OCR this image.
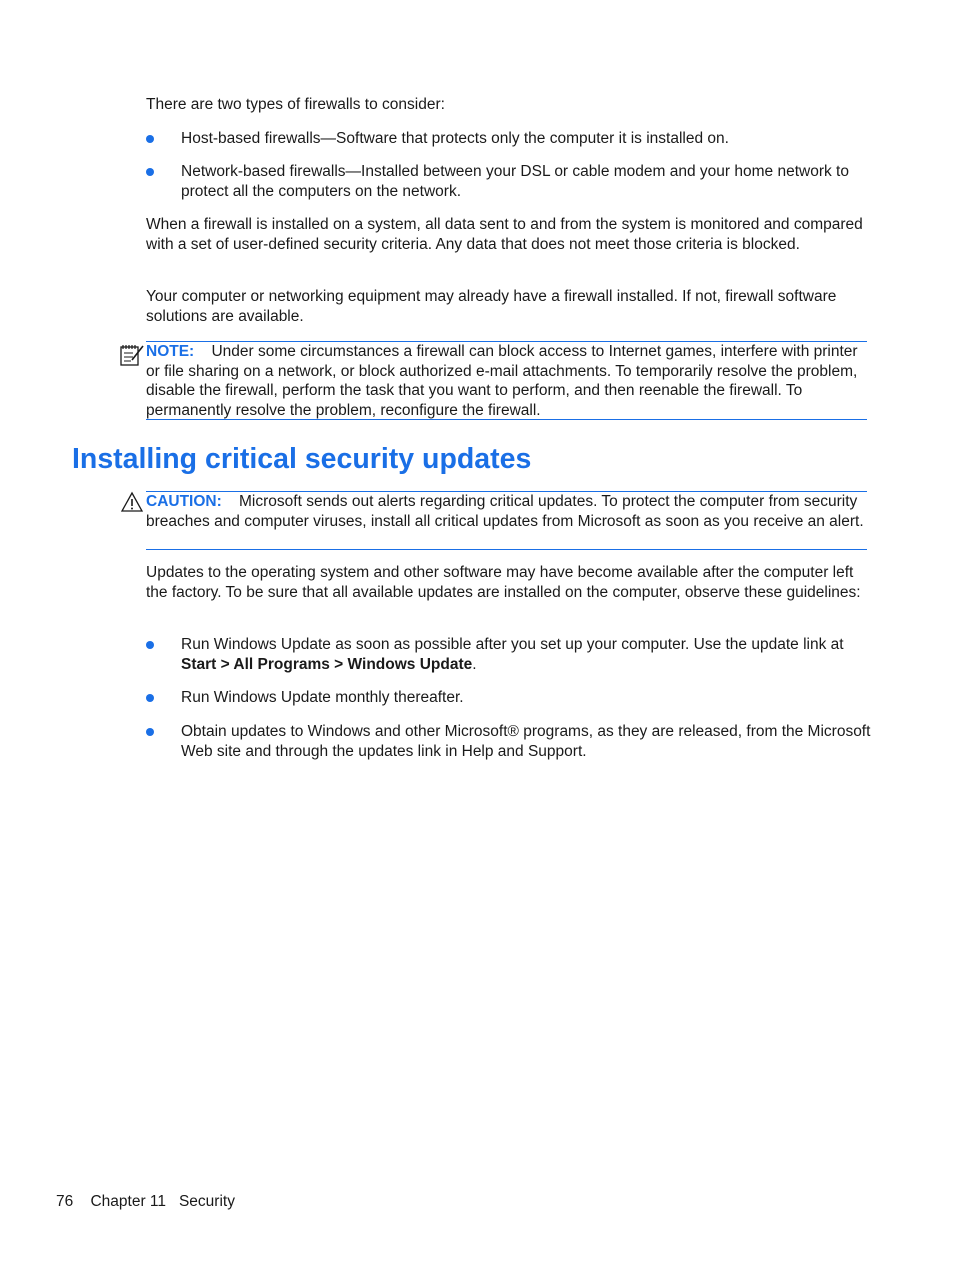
There are two types of firewalls to consider:

Host-based firewalls—Software that protects only the computer it is installed on.
Network-based firewalls—Installed between your DSL or cable modem and your home network to protect all the computers on the network.

When a firewall is installed on a system, all data sent to and from the system is monitored and compared with a set of user-defined security criteria. Any data that does not meet those criteria is blocked.

Your computer or networking equipment may already have a firewall installed. If not, firewall software solutions are available.

NOTE: Under some circumstances a firewall can block access to Internet games, interfere with printer or file sharing on a network, or block authorized e-mail attachments. To temporarily resolve the problem, disable the firewall, perform the task that you want to perform, and then reenable the firewall. To permanently resolve the problem, reconfigure the firewall.
Installing critical security updates
CAUTION: Microsoft sends out alerts regarding critical updates. To protect the computer from security breaches and computer viruses, install all critical updates from Microsoft as soon as you receive an alert.

Updates to the operating system and other software may have become available after the computer left the factory. To be sure that all available updates are installed on the computer, observe these guidelines:

Run Windows Update as soon as possible after you set up your computer. Use the update link at Start > All Programs > Windows Update.
Run Windows Update monthly thereafter.
Obtain updates to Windows and other Microsoft® programs, as they are released, from the Microsoft Web site and through the updates link in Help and Support.
76 Chapter 11 Security
